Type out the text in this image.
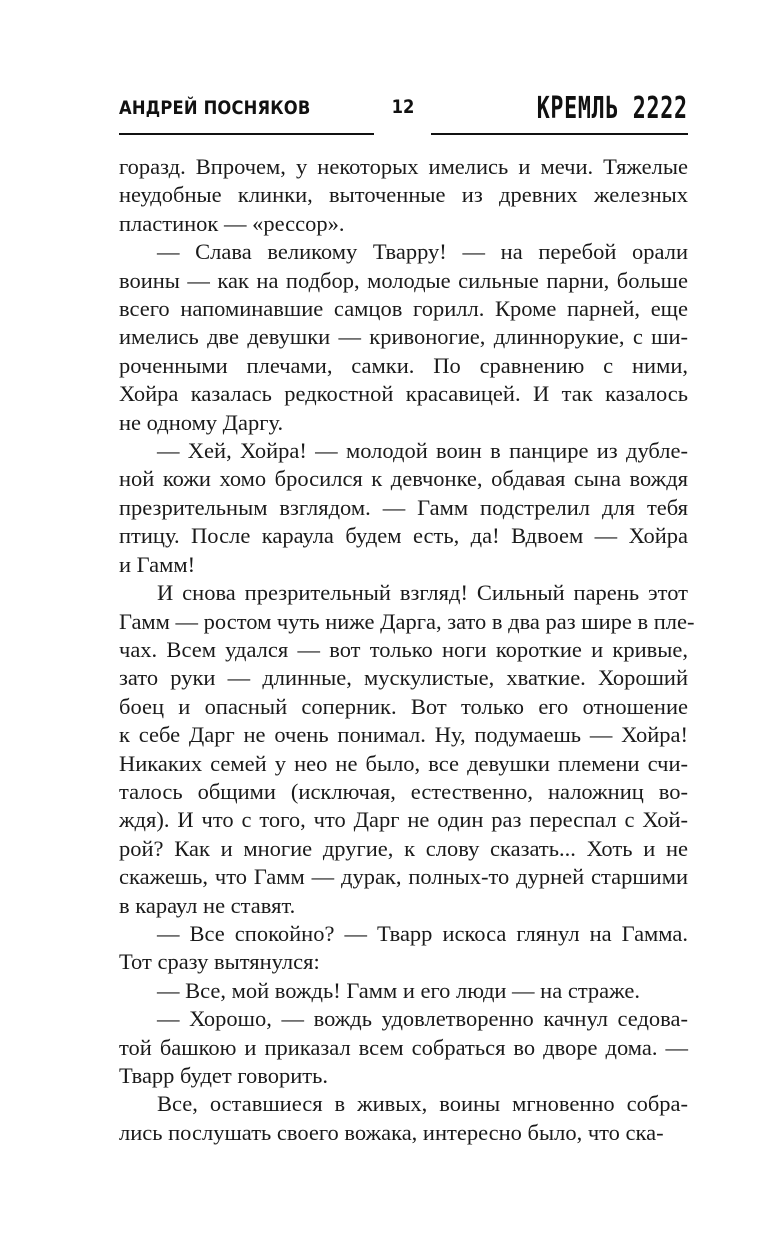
АНДРЕЙ ПОСНЯКОВ	12	КРЕМЛЬ 2222
горазд. Впрочем, у некоторых имелись и мечи. Тяжелые
неудобные клинки, выточенные из древних железных
пластинок — «рессор».
— Слава великому Тварру! — на перебой орали
воины — как на подбор, молодые сильные парни, больше
всего напоминавшие самцов горилл. Кроме парней, еще
имелись две девушки — кривоногие, длиннорукие, с ши-
роченными плечами, самки. По сравнению с ними,
Хойра казалась редкостной красавицей. И так казалось
не одному Даргу.
— Хей, Хойра! — молодой воин в панцире из дубле-
ной кожи хомо бросился к девчонке, обдавая сына вождя
презрительным взглядом. — Гамм подстрелил для тебя
птицу. После караула будем есть, да! Вдвоем — Хойра
и Гамм!
И снова презрительный взгляд! Сильный парень этот
Гамм — ростом чуть ниже Дарга, зато в два раз шире в пле-
чах. Всем удался — вот только ноги короткие и кривые,
зато руки — длинные, мускулистые, хваткие. Хороший
боец и опасный соперник. Вот только его отношение
к себе Дарг не очень понимал. Ну, подумаешь — Хойра!
Никаких семей у нео не было, все девушки племени счи-
талось общими (исключая, естественно, наложниц во-
ждя). И что с того, что Дарг не один раз переспал с Хой-
рой? Как и многие другие, к слову сказать... Хоть и не
скажешь, что Гамм — дурак, полных-то дурней старшими
в караул не ставят.
— Все спокойно? — Тварр искоса глянул на Гамма.
Тот сразу вытянулся:
— Все, мой вождь! Гамм и его люди — на страже.
— Хорошо, — вождь удовлетворенно качнул седова-
той башкою и приказал всем собраться во дворе дома. —
Тварр будет говорить.
Все, оставшиеся в живых, воины мгновенно собра-
лись послушать своего вожака, интересно было, что ска-
